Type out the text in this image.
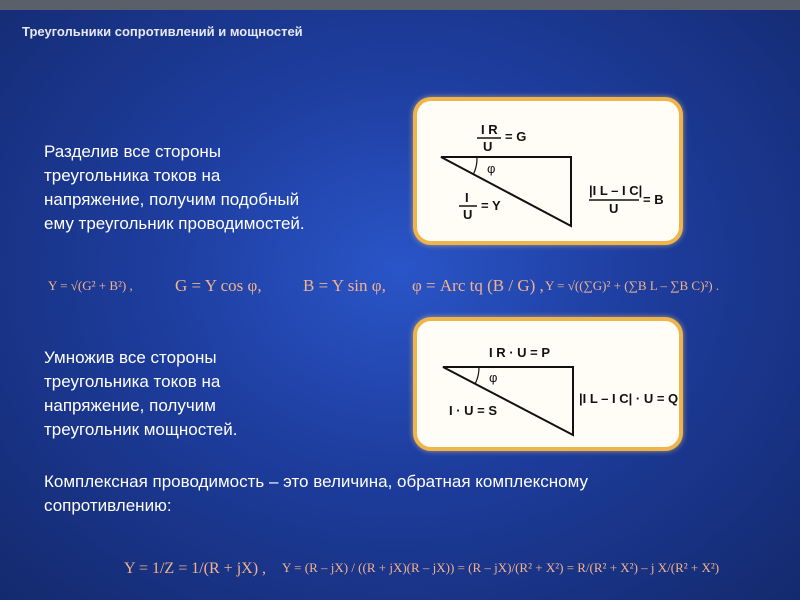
Треугольники сопротивлений и мощностей
Разделив все стороны
треугольника токов на
напряжение, получим подобный
ему треугольник проводимостей.
I R
U
= G
φ
I
U
= Y
|I L – I C|
U
= B
Y = √(G² + B²) , G = Y cos φ, B = Y sin φ, φ = Arc tq (B / G) , Y = √((∑G)² + (∑B L – ∑B C)²) .
Умножив все стороны
треугольника токов на
напряжение, получим
треугольник мощностей.
I R · U = P
φ
I · U = S
|I L – I C| · U = Q
Комплексная проводимость – это величина, обратная комплексному
сопротивлению:
Y = 1/Z = 1/(R + jX) , Y = (R – jX) / ((R + jX)(R – jX)) = (R – jX)/(R² + X²) = R/(R² + X²) – j X/(R² + X²)
